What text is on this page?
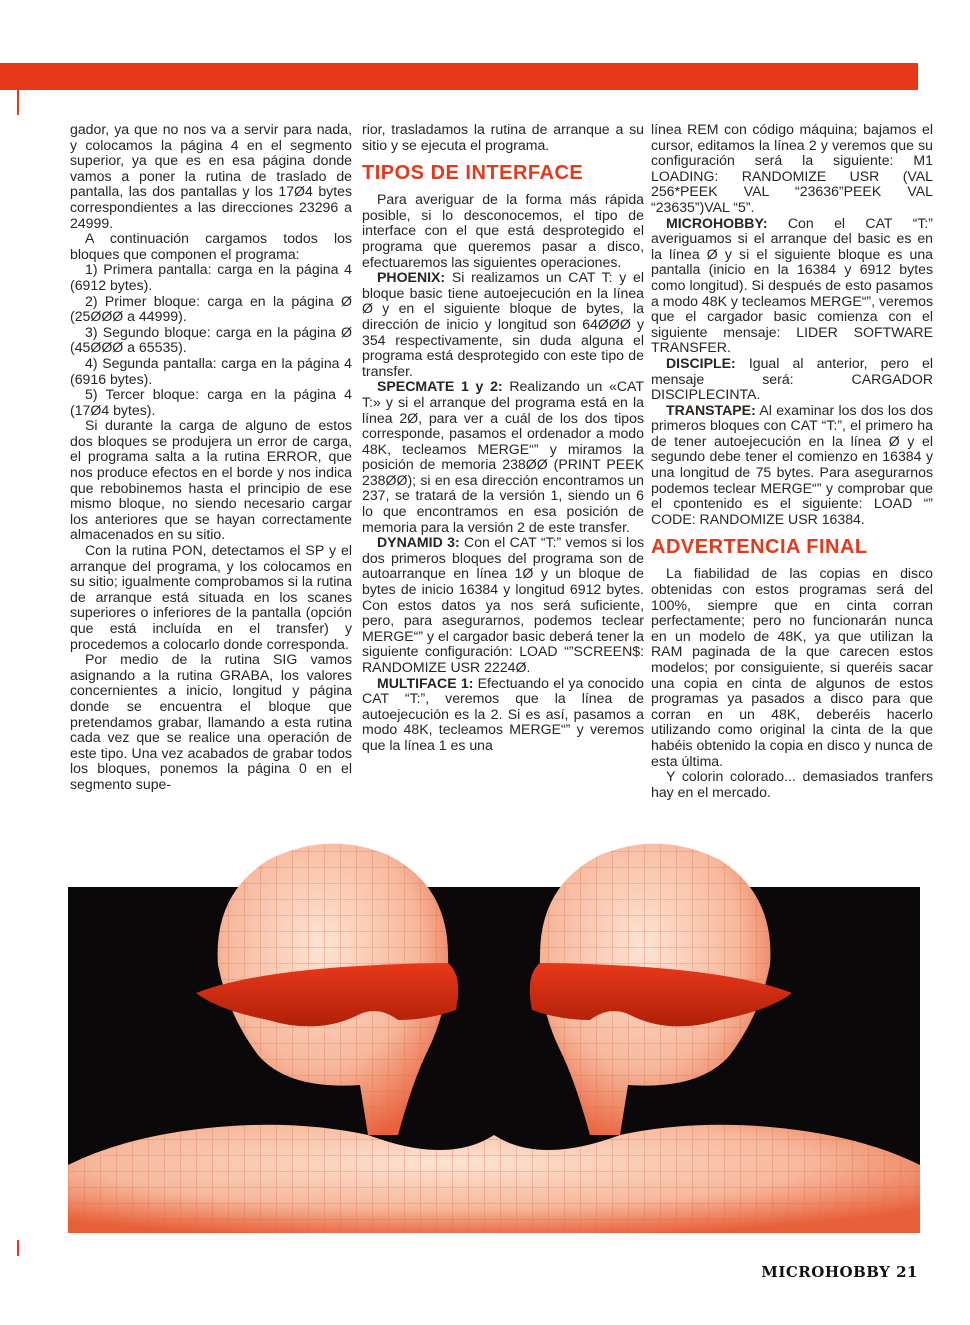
gador, ya que no nos va a servir para nada, y colocamos la página 4 en el segmento superior, ya que es en esa página donde vamos a poner la rutina de traslado de pantalla, las dos pantallas y los 17Ø4 bytes correspondientes a las direcciones 23296 a 24999.

A continuación cargamos todos los bloques que componen el programa:

1) Primera pantalla: carga en la página 4 (6912 bytes).

2) Primer bloque: carga en la página Ø (25ØØØ a 44999).

3) Segundo bloque: carga en la página Ø (45ØØØ a 65535).

4) Segunda pantalla: carga en la página 4 (6916 bytes).

5) Tercer bloque: carga en la página 4 (17Ø4 bytes).

Si durante la carga de alguno de estos dos bloques se produjera un error de carga, el programa salta a la rutina ERROR, que nos produce efectos en el borde y nos indica que rebobinemos hasta el principio de ese mismo bloque, no siendo necesario cargar los anteriores que se hayan correctamente almacenados en su sitio.

Con la rutina PON, detectamos el SP y el arranque del programa, y los colocamos en su sitio; igualmente comprobamos si la rutina de arranque está situada en los scanes superiores o inferiores de la pantalla (opción que está incluída en el transfer) y procedemos a colocarlo donde corresponda.

Por medio de la rutina SIG vamos asignando a la rutina GRABA, los valores concernientes a inicio, longitud y página donde se encuentra el bloque que pretendamos grabar, llamando a esta rutina cada vez que se realice una operación de este tipo. Una vez acabados de grabar todos los bloques, ponemos la página 0 en el segmento supe-

rior, trasladamos la rutina de arranque a su sitio y se ejecuta el programa.

TIPOS DE INTERFACE

Para averiguar de la forma más rápida posible, si lo desconocemos, el tipo de interface con el que está desprotegido el programa que queremos pasar a disco, efectuaremos las siguientes operaciones.

PHOENIX: Si realizamos un CAT T: y el bloque basic tiene autoejecución en la línea Ø y en el siguiente bloque de bytes, la dirección de inicio y longitud son 64ØØØ y 354 respectivamente, sin duda alguna el programa está desprotegido con este tipo de transfer.

SPECMATE 1 y 2: Realizando un «CAT T:» y si el arranque del programa está en la línea 2Ø, para ver a cuál de los dos tipos corresponde, pasamos el ordenador a modo 48K, tecleamos MERGE“” y miramos la posición de memoria 238ØØ (PRINT PEEK 238ØØ); si en esa dirección encontramos un 237, se tratará de la versión 1, siendo un 6 lo que encontramos en esa posición de memoria para la versión 2 de este transfer.

DYNAMID 3: Con el CAT “T:” vemos si los dos primeros bloques del programa son de autoarranque en línea 1Ø y un bloque de bytes de inicio 16384 y longitud 6912 bytes. Con estos datos ya nos será suficiente, pero, para asegurarnos, podemos teclear MERGE“” y el cargador basic deberá tener la siguiente configuración: LOAD “”SCREEN$: RANDOMIZE USR 2224Ø.

MULTIFACE 1: Efectuando el ya conocido CAT “T:”, veremos que la línea de autoejecución es la 2. Si es así, pasamos a modo 48K, tecleamos MERGE“” y veremos que la línea 1 es una

línea REM con código máquina; bajamos el cursor, editamos la línea 2 y veremos que su configuración será la siguiente: M1 LOADING: RANDOMIZE USR (VAL 256*PEEK VAL “23636”PEEK VAL “23635”)VAL “5”.

MICROHOBBY: Con el CAT “T:” averiguamos si el arranque del basic es en la línea Ø y si el siguiente bloque es una pantalla (inicio en la 16384 y 6912 bytes como longitud). Si después de esto pasamos a modo 48K y tecleamos MERGE“”, veremos que el cargador basic comienza con el siguiente mensaje: LIDER SOFTWARE TRANSFER.

DISCIPLE: Igual al anterior, pero el mensaje será: CARGADOR DISCIPLECINTA.

TRANSTAPE: Al examinar los dos los dos primeros bloques con CAT “T:”, el primero ha de tener autoejecución en la línea Ø y el segundo debe tener el comienzo en 16384 y una longitud de 75 bytes. Para asegurarnos podemos teclear MERGE“” y comprobar que el cpontenido es el siguiente: LOAD “” CODE: RANDOMIZE USR 16384.

ADVERTENCIA FINAL

La fiabilidad de las copias en disco obtenidas con estos programas será del 100%, siempre que en cinta corran perfectamente; pero no funcionarán nunca en un modelo de 48K, ya que utilizan la RAM paginada de la que carecen estos modelos; por consiguiente, si queréis sacar una copia en cinta de algunos de estos programas ya pasados a disco para que corran en un 48K, deberéis hacerlo utilizando como original la cinta de la que habéis obtenido la copia en disco y nunca de esta última.

Y colorin colorado... demasiados tranfers hay en el mercado.

MICROHOBBY 21
